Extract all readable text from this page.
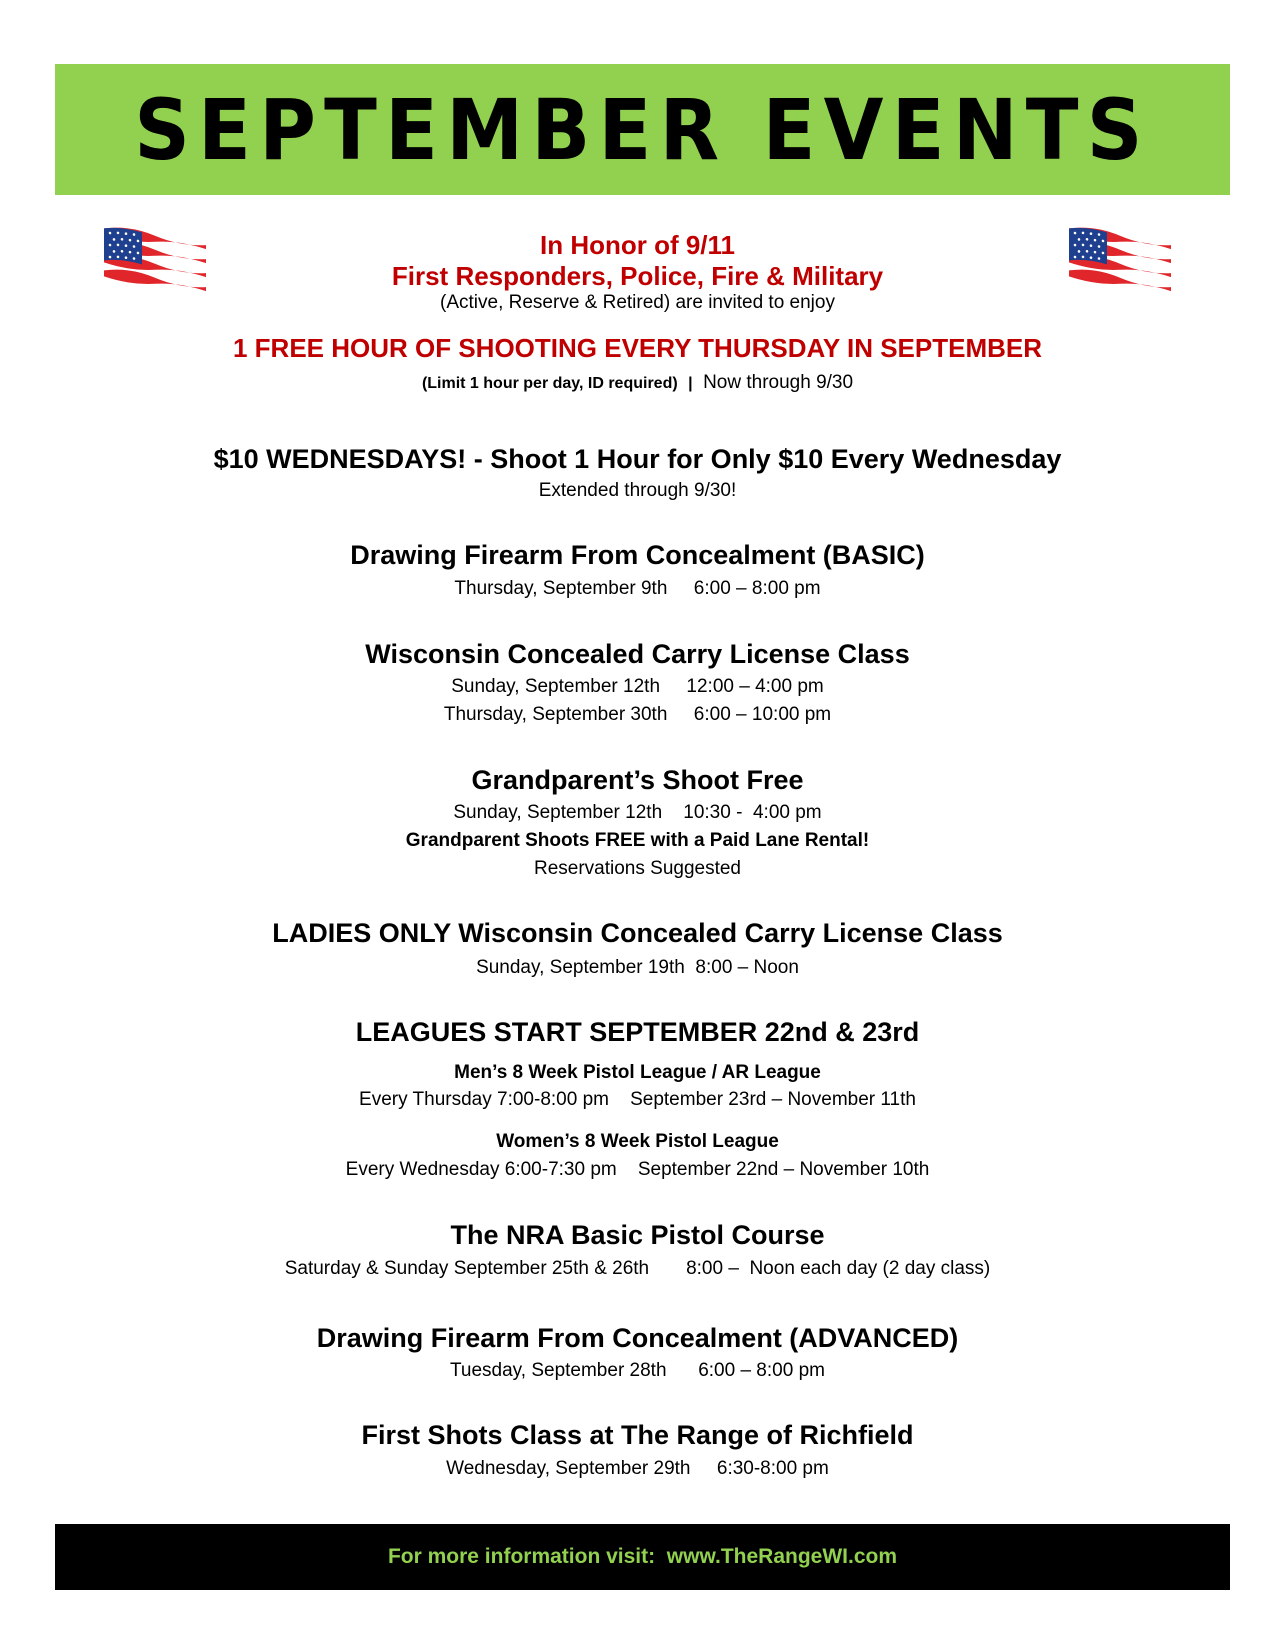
SEPTEMBER EVENTS
In Honor of 9/11
First Responders, Police, Fire & Military
(Active, Reserve & Retired) are invited to enjoy
1 FREE HOUR OF SHOOTING EVERY THURSDAY IN SEPTEMBER
(Limit 1 hour per day, ID required) | Now through 9/30
$10 WEDNESDAYS! - Shoot 1 Hour for Only $10 Every Wednesday
Extended through 9/30!
Drawing Firearm From Concealment (BASIC)
Thursday, September 9th     6:00 – 8:00 pm
Wisconsin Concealed Carry License Class
Sunday, September 12th     12:00 – 4:00 pm
Thursday, September 30th     6:00 – 10:00 pm
Grandparent’s Shoot Free
Sunday, September 12th    10:30 -  4:00 pm
Grandparent Shoots FREE with a Paid Lane Rental!
Reservations Suggested
LADIES ONLY Wisconsin Concealed Carry License Class
Sunday, September 19th  8:00 – Noon
LEAGUES START SEPTEMBER 22nd & 23rd
Men’s 8 Week Pistol League / AR League
Every Thursday 7:00-8:00 pm    September 23rd – November 11th
Women’s 8 Week Pistol League
Every Wednesday 6:00-7:30 pm    September 22nd – November 10th
The NRA Basic Pistol Course
Saturday & Sunday September 25th & 26th       8:00 –  Noon each day (2 day class)
Drawing Firearm From Concealment (ADVANCED)
Tuesday, September 28th      6:00 – 8:00 pm
First Shots Class at The Range of Richfield
Wednesday, September 29th     6:30-8:00 pm
For more information visit:  www.TheRangeWI.com
